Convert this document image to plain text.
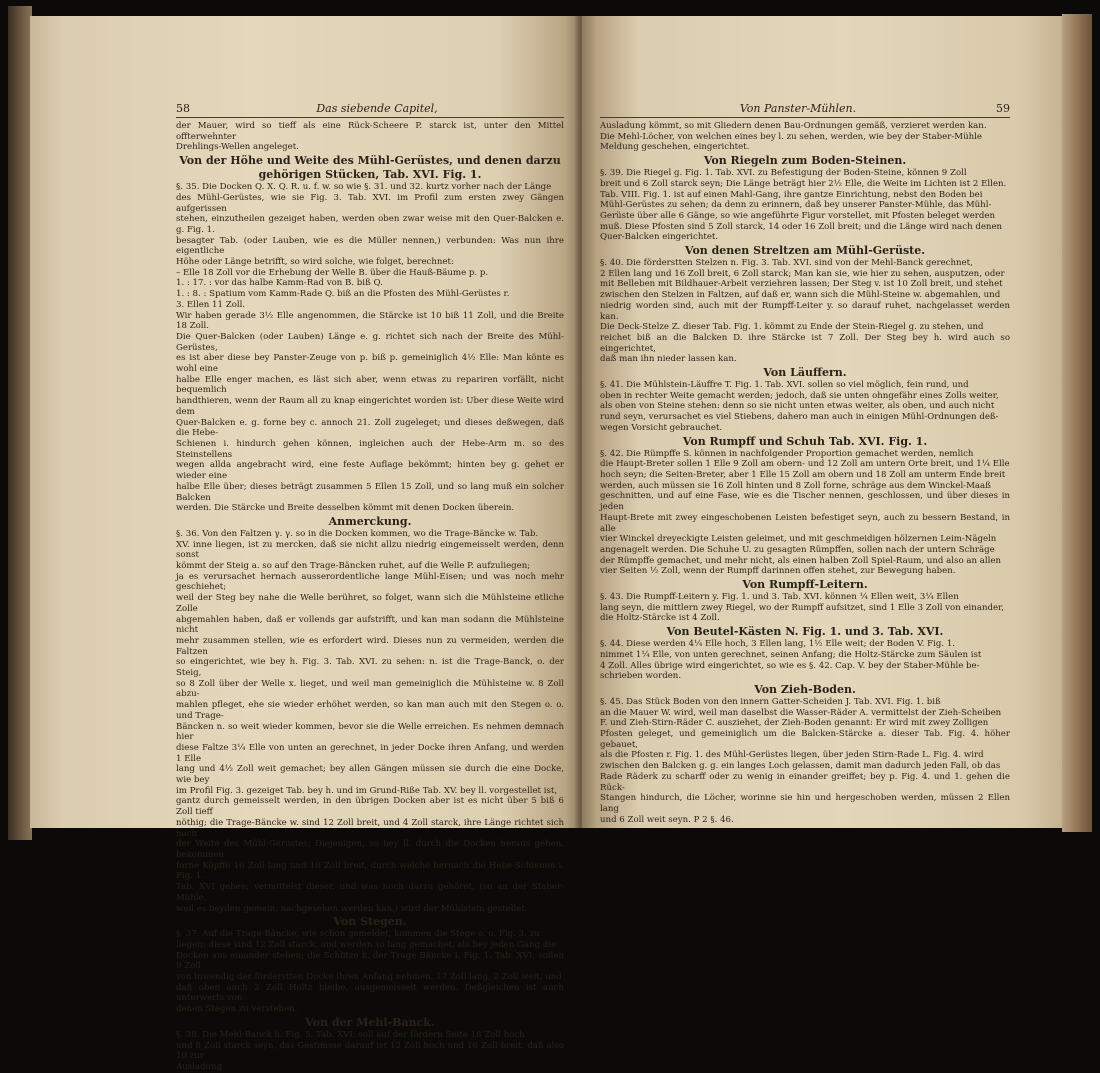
58	Das siebende Capitel,
der Mauer, wird so tieff als eine Rück-Scheere P. starck ist, unter den Mittel offterwehnter
Drehlings-Wellen angeleget.
Von der Höhe und Weite des Mühl-Gerüstes, und denen darzu
gehörigen Stücken, Tab. XVI. Fig. 1.
§. 35. Die Docken Q. X. Q. R. u. f. w. so wie §. 31. und 32. kurtz vorher nach der Länge
des Mühl-Gerüstes, wie sie Fig. 3. Tab. XVI. im Profil zum ersten zwey Gängen aufgerissen
stehen, einzutheilen gezeiget haben, werden oben zwar weise mit den Quer-Balcken e. g. Fig. 1.
besagter Tab. (oder Lauben, wie es die Müller nennen,) verbunden: Was nun ihre eigentliche
Höhe oder Länge betrifft, so wird solche, wie folget, berechnet:
– Elle 18 Zoll vor die Erhebung der Welle B. über die Hauß-Bäume p. p.
1. : 17. : vor das halbe Kamm-Rad von B. biß Q.
1. : 8. : Spatium vom Kamm-Rade Q. biß an die Pfosten des Mühl-Gerüstes r.
3. Ellen 11 Zoll.
Wir haben gerade 3½ Elle angenommen, die Stärcke ist 10 biß 11 Zoll, und die Breite 18 Zoll.
Die Quer-Balcken (oder Lauben) Länge e. g. richtet sich nach der Breite des Mühl-Gerüstes,
es ist aber diese bey Panster-Zeuge von p. biß p. gemeiniglich 4½ Elle: Man könte es wohl eine
halbe Elle enger machen, es läst sich aber, wenn etwas zu repariren vorfällt, nicht bequemlich
handthieren, wenn der Raum all zu knap eingerichtet worden ist: Uber diese Weite wird dem
Quer-Balcken e. g. forne bey c. annoch 21. Zoll zugeleget; und dieses deßwegen, daß die Hebe-
Schienen i. hindurch gehen können, ingleichen auch der Hebe-Arm m. so des Steinstellens
wegen allda angebracht wird, eine feste Auflage bekömmt; hinten bey g. gehet er wieder eine
halbe Elle über; dieses beträgt zusammen 5 Ellen 15 Zoll, und so lang muß ein solcher Balcken
werden. Die Stärcke und Breite desselben kömmt mit denen Docken überein.
Anmerckung.
§. 36. Von den Faltzen γ. γ. so in die Docken kommen, wo die Trage-Bäncke w. Tab.
XV. inne liegen, ist zu mercken, daß sie nicht allzu niedrig eingemeisselt werden, denn sonst
kömmt der Steig a. so auf den Trage-Bäncken ruhet, auf die Welle P. aufzuliegen;
ja es verursachet hernach ausserordentliche lange Mühl-Eisen; und was noch mehr geschiehet;
weil der Steg bey nahe die Welle berühret, so folget, wann sich die Mühlsteine etliche Zolle
abgemahlen haben, daß er vollends gar aufstrifft, und kan man sodann die Mühlsteine nicht
mehr zusammen stellen, wie es erfordert wird. Dieses nun zu vermeiden, werden die Faltzen
so eingerichtet, wie bey h. Fig. 3. Tab. XVI. zu sehen: n. ist die Trage-Banck, o. der Steig,
so 8 Zoll über der Welle x. lieget, und weil man gemeiniglich die Mühlsteine w. 8 Zoll abzu-
mahlen pfleget, ehe sie wieder erhöhet werden, so kan man auch mit den Stegen o. o. und Trage-
Bäncken n. so weit wieder kommen, bevor sie die Welle erreichen. Es nehmen demnach hier
diese Faltze 3¼ Elle von unten an gerechnet, in jeder Docke ihren Anfang, und werden 1 Elle
lang und 4½ Zoll weit gemachet; bey allen Gängen müssen sie durch die eine Docke, wie bey
im Profil Fig. 3. gezeiget Tab. bey h. und im Grund-Riße Tab. XV. bey ll. vorgestellet ist,
gantz durch gemeisselt werden, in den übrigen Docken aber ist es nicht über 5 biß 6 Zoll tieff
nöthig; die Trage-Bäncke w. sind 12 Zoll breit, und 4 Zoll starck, ihre Länge richtet sich nach
der Weite des Mühl-Gerüstes; Diejenigen, so bey ll. durch die Docken heraus gehen, bekommen
forne Köpffe 16 Zoll lang und 10 Zoll breit, durch welche hernach die Hebe-Schienen i. Fig. 1.
Tab. XVI gehen; vermittelst dieser, und was noch darzu gehöret, (so an der Staber-Mühle,
weil es beyden gemein, nachgesehen werden kan,) wird der Mühlstein gestellet.
Von Stegen.
§. 37. Auf die Trage-Bäncke, wie schon gemeldet, kommen die Stege o. o. Fig. 3. zu
liegen; diese sind 12 Zoll starck, und werden so lang gemachet, als bey jeden Gang die
Docken aus einander stehen; die Schlitze k. der Trage Bäncke i. Fig. 1. Tab. XVI. sollen 9 Zoll
von inwendig der förderstten Docke ihren Anfang nehmen, 17 Zoll lang, 2 Zoll weit, und
daß oben auch 2 Zoll Holtz bleibe, ausgemeisselt werden. Deßgleichen ist auch unterwerts von
denen Stegen zu verstehen.
Von der Mehl-Banck.
§. 38. Die Mehl-Banck h. Fig. 5. Tab. XVI. soll auf der fördern Seite 18 Zoll hoch
und 8 Zoll starck seyn, das Gestimsse darauf ist 12 Zoll hoch und 16 Zoll breit, daß also 10 zur
Ausladung
Von Panster-Mühlen.	59
Ausladung kömmt, so mit Gliedern denen Bau-Ordnungen gemäß, verzieret werden kan.
Die Mehl-Löcher, von welchen eines bey l. zu sehen, werden, wie bey der Staber-Mühle
Meldung geschehen, eingerichtet.
Von Riegeln zum Boden-Steinen.
§. 39. Die Riegel g. Fig. 1. Tab. XVI. zu Befestigung der Boden-Steine, können 9 Zoll
breit und 6 Zoll starck seyn; Die Länge beträgt hier 2½ Elle, die Weite im Lichten ist 2 Ellen.
Tab. VIII. Fig. 1. ist auf einen Mahl-Gang, ihre gantze Einrichtung, nebst den Boden bei
Mühl-Gerüstes zu sehen; da denn zu erinnern, daß bey unserer Panster-Mühle, das Mühl-
Gerüste über alle 6 Gänge, so wie angeführte Figur vorstellet, mit Pfosten beleget werden
muß. Diese Pfosten sind 5 Zoll starck, 14 oder 16 Zoll breit; und die Länge wird nach denen
Quer-Balcken eingerichtet.
Von denen Streltzen am Mühl-Gerüste.
§. 40. Die förderstten Stelzen n. Fig. 3. Tab. XVI. sind von der Mehl-Banck gerechnet,
2 Ellen lang und 16 Zoll breit, 6 Zoll starck; Man kan sie, wie hier zu sehen, ausputzen, oder
mit Belleben mit Bildhauer-Arbeit verziehren lassen; Der Steg v. ist 10 Zoll breit, und stehet
zwischen den Stelzen in Faltzen, auf daß er, wann sich die Mühl-Steine w. abgemahlen, und
niedrig worden sind, auch mit der Rumpff-Leiter y. so darauf ruhet, nachgelasset werden kan.
Die Deck-Stelze Z. dieser Tab. Fig. 1. kömmt zu Ende der Stein-Riegel g. zu stehen, und
reichet biß an die Balcken D. ihre Stärcke ist 7 Zoll. Der Steg bey h. wird auch so eingerichtet,
daß man ihn nieder lassen kan.
Von Läuffern.
§. 41. Die Mühlstein-Läuffre T. Fig. 1. Tab. XVI. sollen so viel möglich, fein rund, und
oben in rechter Weite gemacht werden; jedoch, daß sie unten ohngefähr eines Zolls weiter,
als oben von Steine stehen: denn so sie nicht unten etwas weiter, als oben, und auch nicht
rund seyn, verursachet es viel Stiebens, dahero man auch in einigen Mühl-Ordnungen deß-
wegen Vorsicht gebrauchet.
Von Rumpff und Schuh Tab. XVI. Fig. 1.
§. 42. Die Rümpffe S. können in nachfolgender Proportion gemachet werden, nemlich
die Haupt-Breter sollen 1 Elle 9 Zoll am obern- und 12 Zoll am untern Orte breit, und 1¼ Elle
hoch seyn; die Seiten-Breter, aber 1 Elle 15 Zoll am obern und 18 Zoll am unterm Ende breit
werden, auch müssen sie 16 Zoll hinten und 8 Zoll forne, schräge aus dem Winckel-Maaß
geschnitten, und auf eine Fase, wie es die Tischer nennen, geschlossen, und über dieses in jeden
Haupt-Brete mit zwey eingeschobenen Leisten befestiget seyn, auch zu bessern Bestand, in alle
vier Winckel dreyeckigte Leisten geleimet, und mit geschmeidigen hölzernen Leim-Nägeln
angenagelt werden. Die Schuhe U. zu gesagten Rümpffen, sollen nach der untern Schräge
der Rümpffe gemachet, und mehr nicht, als einen halben Zoll Spiel-Raum, und also an allen
vier Seiten ½ Zoll, wenn der Rumpff darinnen offen stehet, zur Bewegung haben.
Von Rumpff-Leitern.
§. 43. Die Rumpff-Leitern y. Fig. 1. und 3. Tab. XVI. können ¼ Ellen weit, 3¼ Ellen
lang seyn, die mittlern zwey Riegel, wo der Rumpff aufsitzet, sind 1 Elle 3 Zoll von einander,
die Holtz-Stärcke ist 4 Zoll.
Von Beutel-Kästen N. Fig. 1. und 3. Tab. XVI.
§. 44. Diese werden 4¼ Elle hoch, 3 Ellen lang, 1½ Elle weit; der Boden V. Fig. 1.
nimmet 1¼ Elle, von unten gerechnet, seinen Anfang; die Holtz-Stärcke zum Säulen ist
4 Zoll. Alles übrige wird eingerichtet, so wie es §. 42. Cap. V. bey der Staber-Mühle be-
schrieben worden.
Von Zieh-Boden.
§. 45. Das Stück Boden von den innern Gatter-Scheiden J. Tab. XVI. Fig. 1. biß
an die Mauer W. wird, weil man daselbst die Wasser-Räder A. vermittelst der Zieh-Scheiben
F. und Zieh-Stirn-Räder C. ausziehet, der Zieh-Boden genannt: Er wird mit zwey Zolligen
Pfosten geleget, und gemeiniglich um die Balcken-Stärcke a. dieser Tab. Fig. 4. höher gebauet,
als die Pfosten r. Fig. 1. des Mühl-Gerüstes liegen, über jeden Stirn-Rade L. Fig. 4. wird
zwischen den Balcken g. g. ein langes Loch gelassen, damit man dadurch jeden Fall, ob das
Rade Räderk zu scharff oder zu wenig in einander greiffet; bey p. Fig. 4. und 1. gehen die Rück-
Stangen hindurch, die Löcher, worinne sie hin und hergeschoben werden, müssen 2 Ellen lang
und 6 Zoll weit seyn. P 2 §. 46.
